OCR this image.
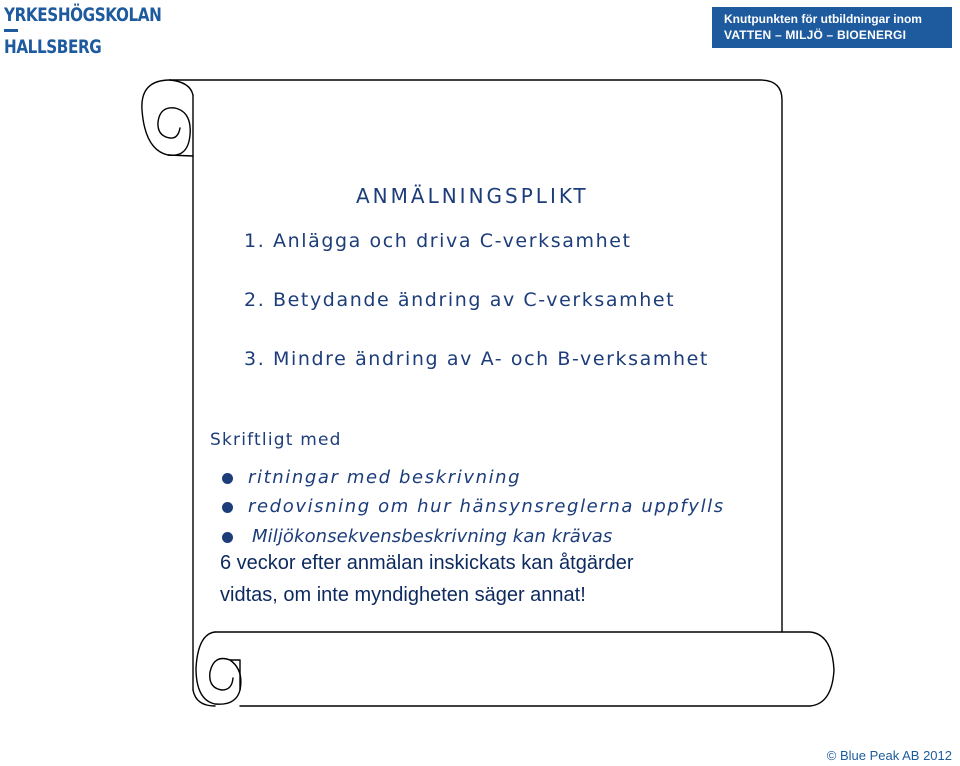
YRKESHÖGSKOLAN
HALLSBERG
Knutpunkten för utbildningar inom
VATTEN – MILJÖ – BIOENERGI
ANMÄLNINGSPLIKT
1. Anlägga och driva C-verksamhet
2. Betydande ändring av C-verksamhet
3. Mindre ändring av A- och B-verksamhet
Skriftligt med
ritningar med beskrivning
redovisning om hur hänsynsreglerna uppfylls
Miljökonsekvensbeskrivning kan krävas
6 veckor efter anmälan inskickats kan åtgärder
vidtas, om inte myndigheten säger annat!
© Blue Peak AB 2012
